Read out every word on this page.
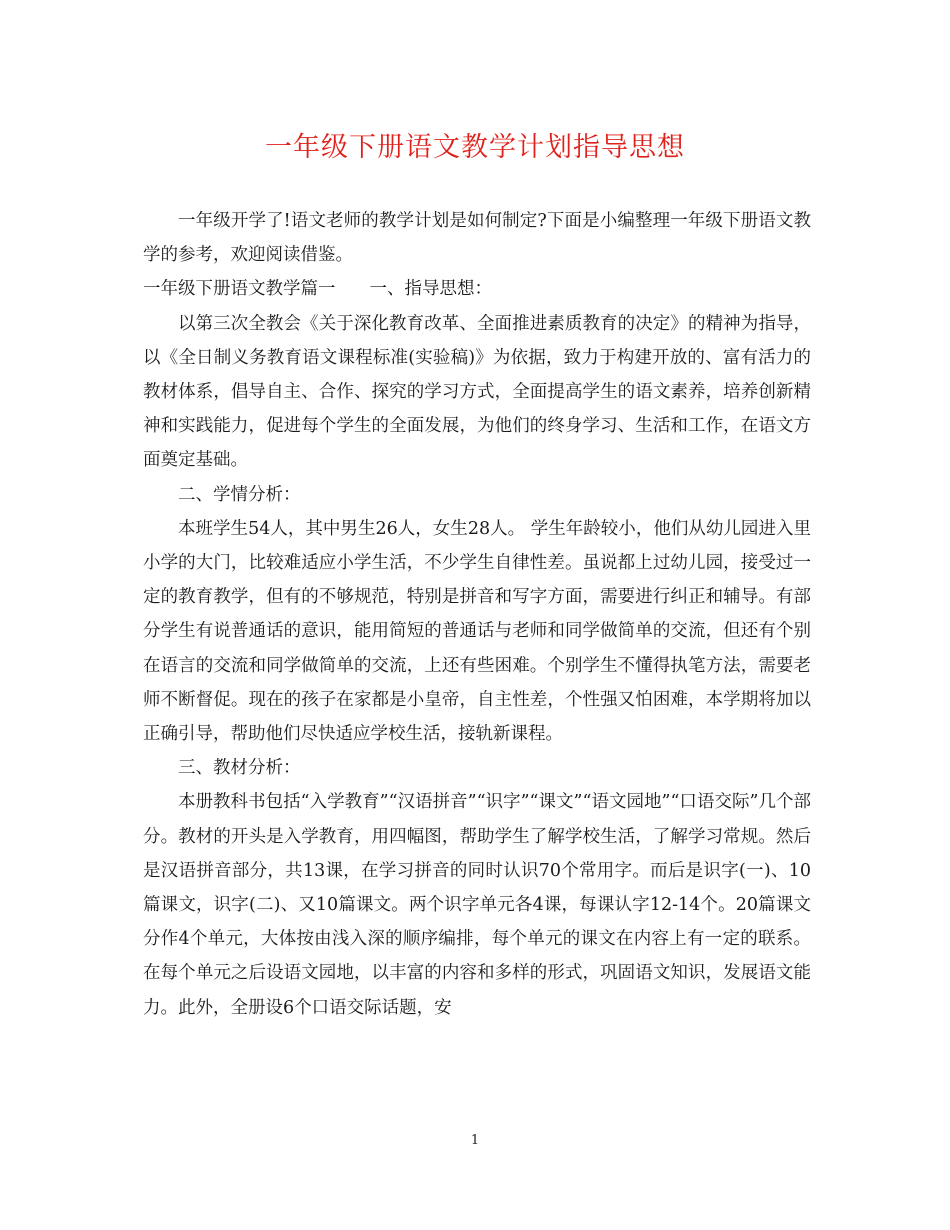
一年级下册语文教学计划指导思想

一年级开学了!语文老师的教学计划是如何制定?下面是小编整理一年级下册语文教学的参考，欢迎阅读借鉴。

一年级下册语文教学篇一 一、指导思想：

以第三次全教会《关于深化教育改革、全面推进素质教育的决定》的精神为指导，以《全日制义务教育语文课程标准(实验稿)》为依据，致力于构建开放的、富有活力的教材体系，倡导自主、合作、探究的学习方式，全面提高学生的语文素养，培养创新精神和实践能力，促进每个学生的全面发展，为他们的终身学习、生活和工作，在语文方面奠定基础。

二、学情分析：

本班学生54人，其中男生26人，女生28人。 学生年龄较小，他们从幼儿园进入里小学的大门，比较难适应小学生活，不少学生自律性差。虽说都上过幼儿园，接受过一定的教育教学，但有的不够规范，特别是拼音和写字方面，需要进行纠正和辅导。有部分学生有说普通话的意识，能用简短的普通话与老师和同学做简单的交流，但还有个别在语言的交流和同学做简单的交流，上还有些困难。个别学生不懂得执笔方法，需要老师不断督促。现在的孩子在家都是小皇帝，自主性差，个性强又怕困难，本学期将加以正确引导，帮助他们尽快适应学校生活，接轨新课程。

三、教材分析：

本册教科书包括“入学教育”“汉语拼音”“识字”“课文”“语文园地”“口语交际”几个部分。教材的开头是入学教育，用四幅图，帮助学生了解学校生活，了解学习常规。然后是汉语拼音部分，共13课，在学习拼音的同时认识70个常用字。而后是识字(一)、10篇课文，识字(二)、又10篇课文。两个识字单元各4课，每课认字12-14个。20篇课文分作4个单元，大体按由浅入深的顺序编排，每个单元的课文在内容上有一定的联系。在每个单元之后设语文园地，以丰富的内容和多样的形式，巩固语文知识，发展语文能力。此外，全册设6个口语交际话题，安

1
